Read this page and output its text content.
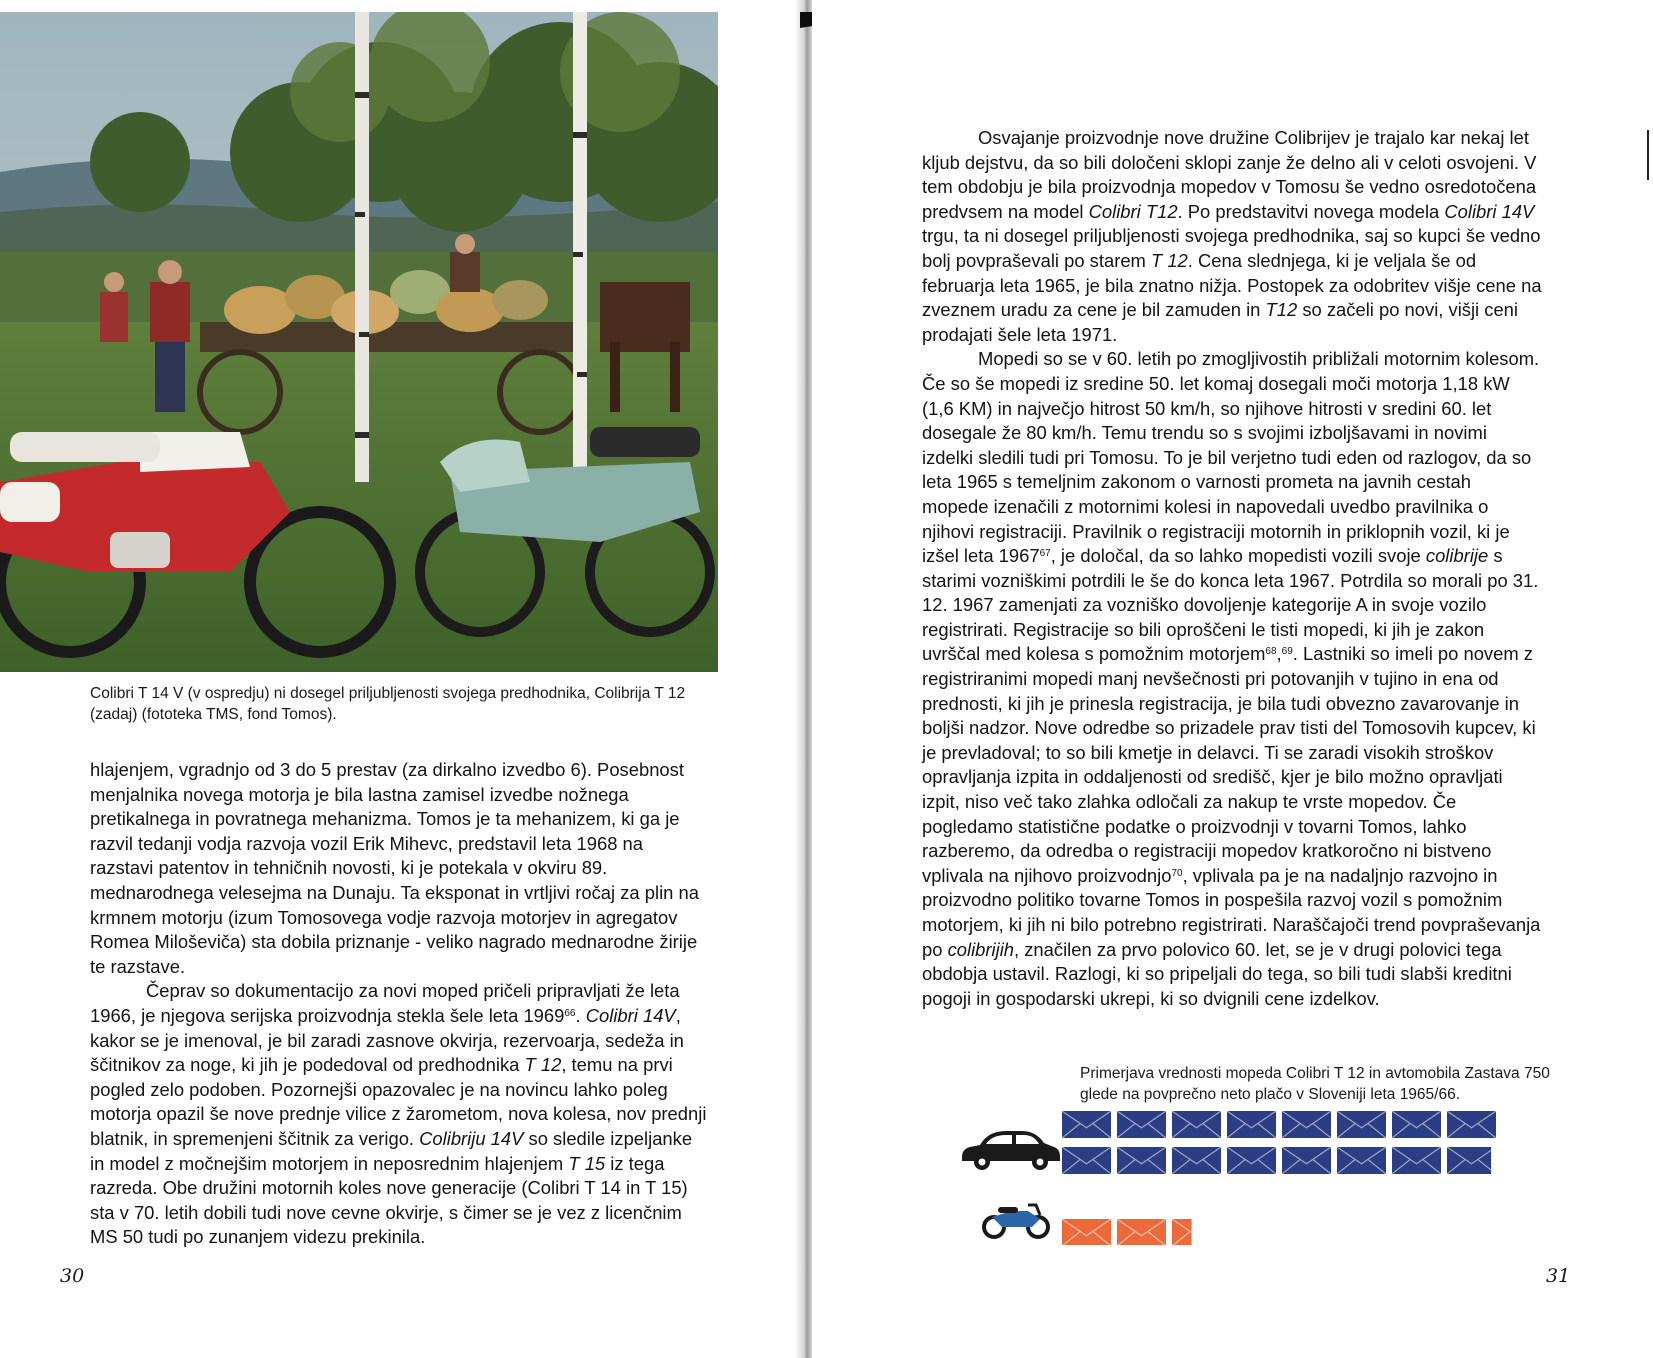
Colibri T 14 V (v ospredju) ni dosegel priljubljenosti svojega predhodnika, Colibrija T 12 (zadaj) (fototeka TMS, fond Tomos).

hlajenjem, vgradnjo od 3 do 5 prestav (za dirkalno izvedbo 6). Posebnost menjalnika novega motorja je bila lastna zamisel izvedbe nožnega pretikalnega in povratnega mehanizma. Tomos je ta mehanizem, ki ga je razvil tedanji vodja razvoja vozil Erik Mihevc, predstavil leta 1968 na razstavi patentov in tehničnih novosti, ki je potekala v okviru 89. mednarodnega velesejma na Dunaju. Ta eksponat in vrtljivi ročaj za plin na krmnem motorju (izum Tomosovega vodje razvoja motorjev in agregatov Romea Miloševiča) sta dobila priznanje - veliko nagrado mednarodne žirije te razstave.

Čeprav so dokumentacijo za novi moped pričeli pripravljati že leta 1966, je njegova serijska proizvodnja stekla šele leta 1969$^{66}$. Colibri 14V, kakor se je imenoval, je bil zaradi zasnove okvirja, rezervoarja, sedeža in ščitnikov za noge, ki jih je podedoval od predhodnika T 12, temu na prvi pogled zelo podoben. Pozornejši opazovalec je na novincu lahko poleg motorja opazil še nove prednje vilice z žarometom, nova kolesa, nov prednji blatnik, in spremenjeni ščitnik za verigo. Colibriju 14V so sledile izpeljanke in model z močnejšim motorjem in neposrednim hlajenjem T 15 iz tega razreda. Obe družini motornih koles nove generacije (Colibri T 14 in T 15) sta v 70. letih dobili tudi nove cevne okvirje, s čimer se je vez z licenčnim MS 50 tudi po zunanjem videzu prekinila.

30

Osvajanje proizvodnje nove družine Colibrijev je trajalo kar nekaj let kljub dejstvu, da so bili določeni sklopi zanje že delno ali v celoti osvojeni. V tem obdobju je bila proizvodnja mopedov v Tomosu še vedno osredotočena predvsem na model Colibri T12. Po predstavitvi novega modela Colibri 14V trgu, ta ni dosegel priljubljenosti svojega predhodnika, saj so kupci še vedno bolj povpraševali po starem T 12. Cena slednjega, ki je veljala še od februarja leta 1965, je bila znatno nižja. Postopek za odobritev višje cene na zveznem uradu za cene je bil zamuden in T12 so začeli po novi, višji ceni prodajati šele leta 1971.

Mopedi so se v 60. letih po zmogljivostih približali motornim kolesom. Če so še mopedi iz sredine 50. let komaj dosegali moči motorja 1,18 kW (1,6 KM) in največjo hitrost 50 km/h, so njihove hitrosti v sredini 60. let dosegale že 80 km/h. Temu trendu so s svojimi izboljšavami in novimi izdelki sledili tudi pri Tomosu. To je bil verjetno tudi eden od razlogov, da so leta 1965 s temeljnim zakonom o varnosti prometa na javnih cestah mopede izenačili z motornimi kolesi in napovedali uvedbo pravilnika o njihovi registraciji. Pravilnik o registraciji motornih in priklopnih vozil, ki je izšel leta 1967$^{67}$, je določal, da so lahko mopedisti vozili svoje colibrije s starimi vozniškimi potrdili le še do konca leta 1967. Potrdila so morali po 31. 12. 1967 zamenjati za vozniško dovoljenje kategorije A in svoje vozilo registrirati. Registracije so bili oproščeni le tisti mopedi, ki jih je zakon uvrščal med kolesa s pomožnim motorjem$^{68}$,$^{69}$. Lastniki so imeli po novem z registriranimi mopedi manj nevšečnosti pri potovanjih v tujino in ena od prednosti, ki jih je prinesla registracija, je bila tudi obvezno zavarovanje in boljši nadzor. Nove odredbe so prizadele prav tisti del Tomosovih kupcev, ki je prevladoval; to so bili kmetje in delavci. Ti se zaradi visokih stroškov opravljanja izpita in oddaljenosti od središč, kjer je bilo možno opravljati izpit, niso več tako zlahka odločali za nakup te vrste mopedov. Če pogledamo statistične podatke o proizvodnji v tovarni Tomos, lahko razberemo, da odredba o registraciji mopedov kratkoročno ni bistveno vplivala na njihovo proizvodnjo$^{70}$, vplivala pa je na nadaljnjo razvojno in proizvodno politiko tovarne Tomos in pospešila razvoj vozil s pomožnim motorjem, ki jih ni bilo potrebno registrirati. Naraščajoči trend povpraševanja po colibrijih, značilen za prvo polovico 60. let, se je v drugi polovici tega obdobja ustavil. Razlogi, ki so pripeljali do tega, so bili tudi slabši kreditni pogoji in gospodarski ukrepi, ki so dvignili cene izdelkov.

Primerjava vrednosti mopeda Colibri T 12 in avtomobila Zastava 750 glede na povprečno neto plačo v Sloveniji leta 1965/66.
31
